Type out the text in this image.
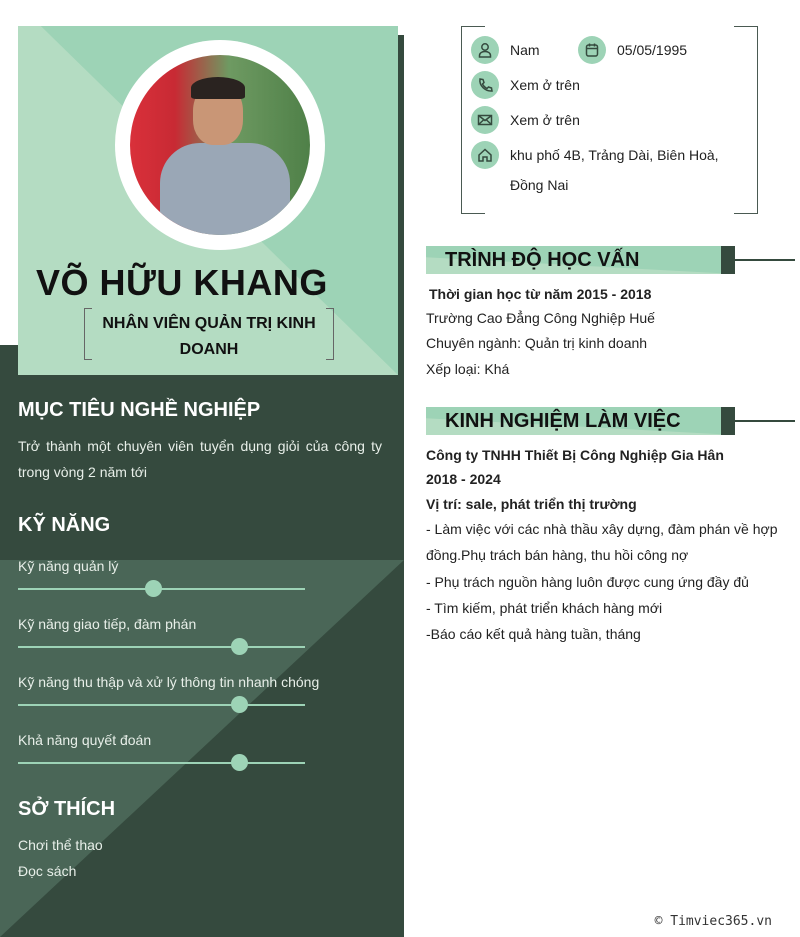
VÕ HỮU KHANG
NHÂN VIÊN QUẢN TRỊ KINH DOANH
MỤC TIÊU NGHỀ NGHIỆP
Trở thành một chuyên viên tuyển dụng giỏi của công ty trong vòng 2 năm tới
KỸ NĂNG
Kỹ năng quản lý
Kỹ năng giao tiếp, đàm phán
Kỹ năng thu thập và xử lý thông tin nhanh chóng
Khả năng quyết đoán
SỞ THÍCH
Chơi thể thao
Đọc sách
Nam	05/05/1995
Xem ở trên
Xem ở trên
khu phố 4B, Trảng Dài, Biên Hoà, Đồng Nai
TRÌNH ĐỘ HỌC VẤN
Thời gian học từ năm 2015 - 2018
Trường Cao Đẳng Công Nghiệp Huế
Chuyên ngành: Quản trị kinh doanh
Xếp loại: Khá
KINH NGHIỆM LÀM VIỆC
Công ty TNHH Thiết Bị Công Nghiệp Gia Hân
2018 - 2024
Vị trí: sale, phát triển thị trường
- Làm việc với các nhà thầu xây dựng, đàm phán về hợp đồng.Phụ trách bán hàng, thu hồi công nợ
- Phụ trách nguồn hàng luôn được cung ứng đầy đủ
- Tìm kiếm, phát triển khách hàng mới
-Báo cáo kết quả hàng tuần, tháng
© Timviec365.vn
